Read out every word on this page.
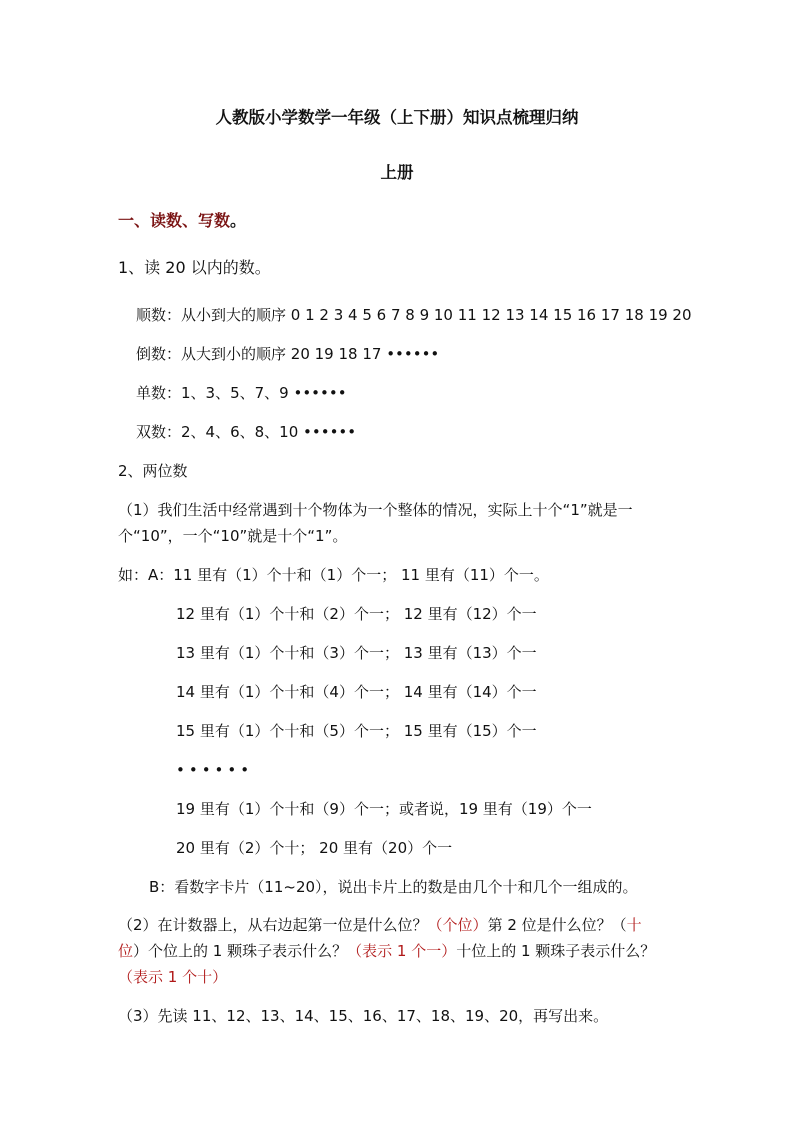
人教版小学数学一年级（上下册）知识点梳理归纳
上册
一、读数、写数。
1、读 20 以内的数。
顺数：从小到大的顺序 0 1 2 3 4 5 6 7 8 9 10 11 12 13 14 15 16 17 18 19 20
倒数：从大到小的顺序 20 19 18 17 ••••••
单数：1、3、5、7、9 ••••••
双数：2、4、6、8、10 ••••••
2、两位数
（1）我们生活中经常遇到十个物体为一个整体的情况，实际上十个“1”就是一
个“10”，一个“10”就是十个“1”。
如：A：11 里有（1）个十和（1）个一； 11 里有（11）个一。
12 里有（1）个十和（2）个一； 12 里有（12）个一
13 里有（1）个十和（3）个一； 13 里有（13）个一
14 里有（1）个十和（4）个一； 14 里有（14）个一
15 里有（1）个十和（5）个一； 15 里有（15）个一
••••••
19 里有（1）个十和（9）个一；或者说，19 里有（19）个一
20 里有（2）个十； 20 里有（20）个一
B：看数字卡片（11~20），说出卡片上的数是由几个十和几个一组成的。
（2）在计数器上，从右边起第一位是什么位？（个位）第 2 位是什么位？（十
位）个位上的 1 颗珠子表示什么？（表示 1 个一）十位上的 1 颗珠子表示什么？
（表示 1 个十）
（3）先读 11、12、13、14、15、16、17、18、19、20，再写出来。
